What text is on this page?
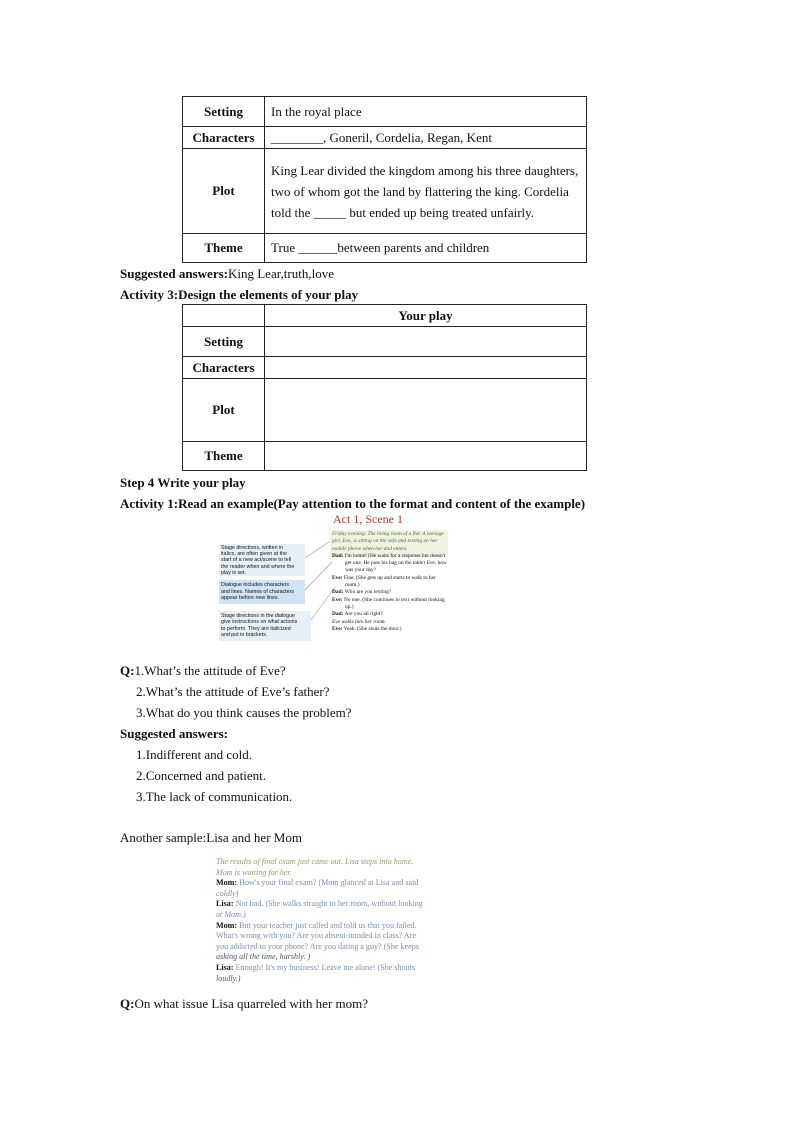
Setting	In the royal place
Characters	________, Goneril, Cordelia, Regan, Kent
Plot	King Lear divided the kingdom among his three daughters, two of whom got the land by flattering the king. Cordelia told the _____ but ended up being treated unfairly.
Theme	True ______between parents and children
Suggested answers:King Lear,truth,love
Activity 3:Design the elements of your play
	Your play
Setting	
Characters	
Plot	
Theme	
Step 4 Write your play
Activity 1:Read an example(Pay attention to the format and content of the example)
Act 1, Scene 1
Stage directions, written in
italics, are often given at the
start of a new act/scene to tell
the reader when and where the
play is set.
Dialogue includes characters
and lines. Names of characters
appear before new lines.
Stage directions in the dialogue
give instructions on what actions
to perform. They are italicized
and put in brackets.
Friday evening. The living room of a flat. A teenage
girl, Eve, is sitting on the sofa and texting on her
mobile phone when her dad enters.
Dad: I'm home! (He waits for a response but doesn't
get one. He puts his bag on the table) Eve, how
was your day?
Eve: Fine. (She gets up and starts to walk to her
room.)
Dad: Who are you texting?
Eve: No one. (She continues to text without looking
up.)
Dad: Are you all right?
Eve walks into her room.
Eve: Yeah. (She shuts the door.)
Q:1.What’s the attitude of Eve?
2.What’s the attitude of Eve’s father?
3.What do you think causes the problem?
Suggested answers:
1.Indifferent and cold.
2.Concerned and patient.
3.The lack of communication.
Another sample:Lisa and her Mom
The results of final exam just came out. Lisa steps into home.
Mom is waiting for her.
Mom: How's your final exam? (Mom glanced at Lisa and said
coldly)
Lisa: Not bad. (She walks straight to her room, without looking
at Mom.)
Mom: But your teacher just called and told us that you failed.
What's wrong with you? Are you absent-minded in class? Are
you addicted to your phone? Are you dating a guy? (She keeps
asking all the time, harshly. )
Lisa: Enough! It's my business! Leave me alone! (She shouts
loudly.)
Q:On what issue Lisa quarreled with her mom?
